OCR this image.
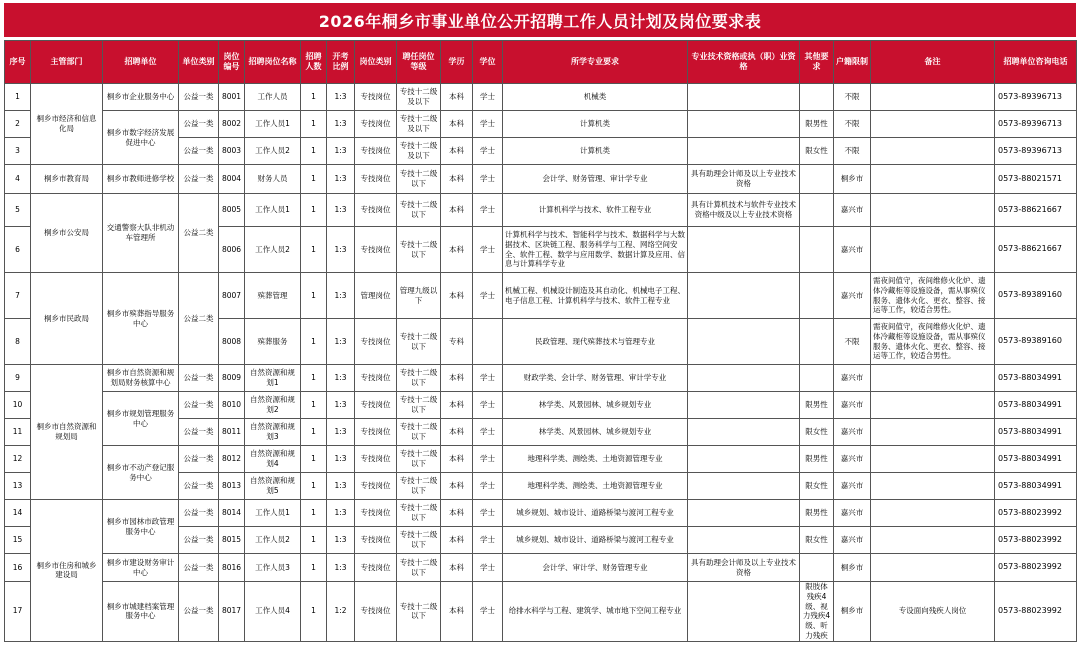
2026年桐乡市事业单位公开招聘工作人员计划及岗位要求表
序号	主管部门	招聘单位	单位类别	岗位编号	招聘岗位名称	招聘人数	开考比例	岗位类别	聘任岗位等级	学历	学位	所学专业要求	专业技术资格或执（职）业资格	其他要求	户籍限制	备注	招聘单位咨询电话
1	桐乡市经济和信息化局	桐乡市企业服务中心	公益一类	8001	工作人员	1	1:3	专技岗位	专技十二级及以下	本科	学士	机械类			不限		0573-89396713
2		桐乡市数字经济发展促进中心	公益一类	8002	工作人员1	1	1:3	专技岗位	专技十二级及以下	本科	学士	计算机类		限男性	不限		0573-89396713
3			公益一类	8003	工作人员2	1	1:3	专技岗位	专技十二级及以下	本科	学士	计算机类		限女性	不限		0573-89396713
4	桐乡市教育局	桐乡市教师进修学校	公益一类	8004	财务人员	1	1:3	专技岗位	专技十二级以下	本科	学士	会计学、财务管理、审计学专业	具有助理会计师及以上专业技术资格		桐乡市		0573-88021571
5	桐乡市公安局	交通警察大队非机动车管理所	公益二类	8005	工作人员1	1	1:3	专技岗位	专技十二级以下	本科	学士	计算机科学与技术、软件工程专业	具有计算机技术与软件专业技术资格中级及以上专业技术资格		嘉兴市		0573-88621667
6				8006	工作人员2	1	1:3	专技岗位	专技十二级以下	本科	学士	计算机科学与技术、智能科学与技术、数据科学与大数据技术、区块链工程、服务科学与工程、网络空间安全、软件工程、数学与应用数学、数据计算及应用、信息与计算科学专业			嘉兴市		0573-88621667
7	桐乡市民政局	桐乡市殡葬指导服务中心	公益二类	8007	殡葬管理	1	1:3	管理岗位	管理九级以下	本科	学士	机械工程、机械设计制造及其自动化、机械电子工程、电子信息工程、计算机科学与技术、软件工程专业			嘉兴市	需夜间值守，夜间维修火化炉、遗体冷藏柜等设施设备，需从事殡仪服务、遗体火化、更衣、整容、接运等工作，较适合男性。	0573-89389160
8				8008	殡葬服务	1	1:3	专技岗位	专技十二级以下	专科		民政管理、现代殡葬技术与管理专业			不限	需夜间值守，夜间维修火化炉、遗体冷藏柜等设施设备，需从事殡仪服务、遗体火化、更衣、整容、接运等工作，较适合男性。	0573-89389160
9	桐乡市自然资源和规划局	桐乡市自然资源和规划局财务核算中心	公益一类	8009	自然资源和规划1	1	1:3	专技岗位	专技十二级以下	本科	学士	财政学类、会计学、财务管理、审计学专业			嘉兴市		0573-88034991
10		桐乡市规划管理服务中心	公益一类	8010	自然资源和规划2	1	1:3	专技岗位	专技十二级以下	本科	学士	林学类、风景园林、城乡规划专业		限男性	嘉兴市		0573-88034991
11			公益一类	8011	自然资源和规划3	1	1:3	专技岗位	专技十二级以下	本科	学士	林学类、风景园林、城乡规划专业		限女性	嘉兴市		0573-88034991
12		桐乡市不动产登记服务中心	公益一类	8012	自然资源和规划4	1	1:3	专技岗位	专技十二级以下	本科	学士	地理科学类、测绘类、土地资源管理专业		限男性	嘉兴市		0573-88034991
13			公益一类	8013	自然资源和规划5	1	1:3	专技岗位	专技十二级以下	本科	学士	地理科学类、测绘类、土地资源管理专业		限女性	嘉兴市		0573-88034991
14	桐乡市住房和城乡建设局	桐乡市园林市政管理服务中心	公益一类	8014	工作人员1	1	1:3	专技岗位	专技十二级以下	本科	学士	城乡规划、城市设计、道路桥梁与渡河工程专业		限男性	嘉兴市		0573-88023992
15			公益一类	8015	工作人员2	1	1:3	专技岗位	专技十二级以下	本科	学士	城乡规划、城市设计、道路桥梁与渡河工程专业		限女性	嘉兴市		0573-88023992
16		桐乡市建设财务审计中心	公益一类	8016	工作人员3	1	1:3	专技岗位	专技十二级以下	本科	学士	会计学、审计学、财务管理专业	具有助理会计师及以上专业技术资格		桐乡市		0573-88023992
17		桐乡市城建档案管理服务中心	公益一类	8017	工作人员4	1	1:2	专技岗位	专技十二级以下	本科	学士	给排水科学与工程、建筑学、城市地下空间工程专业		限肢体残疾4级、视力残疾4级、听力残疾	桐乡市	专设面向残疾人岗位	0573-88023992
